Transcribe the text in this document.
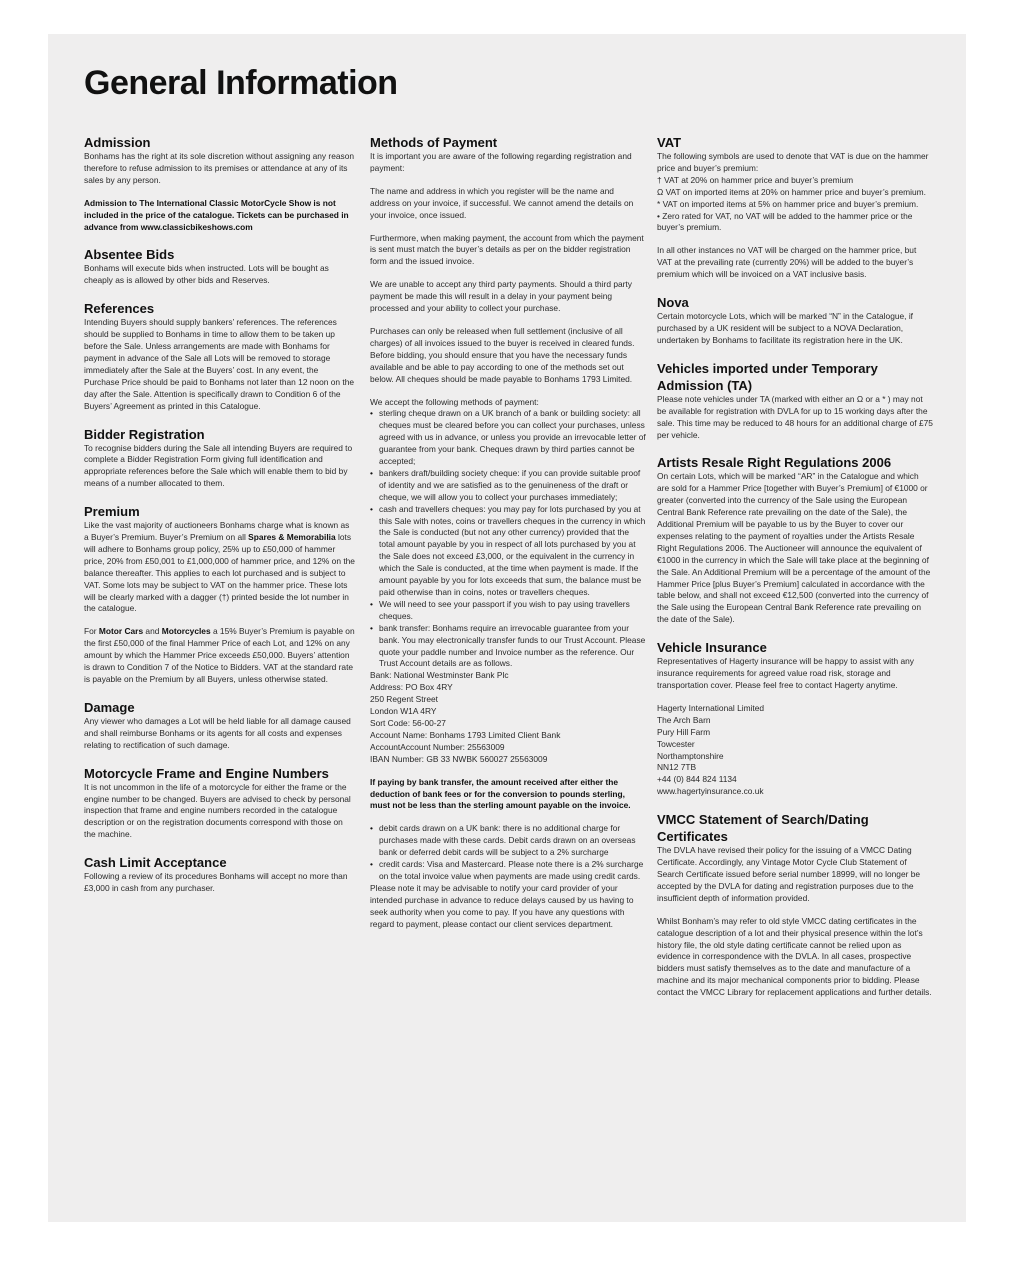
General Information
Admission

Bonhams has the right at its sole discretion without assigning any reason therefore to refuse admission to its premises or attendance at any of its sales by any person.

Admission to The International Classic MotorCycle Show is not included in the price of the catalogue. Tickets can be purchased in advance from www.classicbikeshows.com

Absentee Bids

Bonhams will execute bids when instructed. Lots will be bought as cheaply as is allowed by other bids and Reserves.

References

Intending Buyers should supply bankers’ references. The references should be supplied to Bonhams in time to allow them to be taken up before the Sale. Unless arrangements are made with Bonhams for payment in advance of the Sale all Lots will be removed to storage immediately after the Sale at the Buyers’ cost. In any event, the Purchase Price should be paid to Bonhams not later than 12 noon on the day after the Sale. Attention is specifically drawn to Condition 6 of the Buyers’ Agreement as printed in this Catalogue.

Bidder Registration

To recognise bidders during the Sale all intending Buyers are required to complete a Bidder Registration Form giving full identification and appropriate references before the Sale which will enable them to bid by means of a number allocated to them.

Premium

Like the vast majority of auctioneers Bonhams charge what is known as a Buyer’s Premium. Buyer’s Premium on all Spares & Memorabilia lots will adhere to Bonhams group policy, 25% up to £50,000 of hammer price, 20% from £50,001 to £1,000,000 of hammer price, and 12% on the balance thereafter. This applies to each lot purchased and is subject to VAT. Some lots may be subject to VAT on the hammer price. These lots will be clearly marked with a dagger (†) printed beside the lot number in the catalogue.

For Motor Cars and Motorcycles a 15% Buyer’s Premium is payable on the first £50,000 of the final Hammer Price of each Lot, and 12% on any amount by which the Hammer Price exceeds £50,000. Buyers’ attention is drawn to Condition 7 of the Notice to Bidders. VAT at the standard rate is payable on the Premium by all Buyers, unless otherwise stated.

Damage

Any viewer who damages a Lot will be held liable for all damage caused and shall reimburse Bonhams or its agents for all costs and expenses relating to rectification of such damage.

Motorcycle Frame and Engine Numbers

It is not uncommon in the life of a motorcycle for either the frame or the engine number to be changed. Buyers are advised to check by personal inspection that frame and engine numbers recorded in the catalogue description or on the registration documents correspond with those on the machine.

Cash Limit Acceptance

Following a review of its procedures Bonhams will accept no more than £3,000 in cash from any purchaser.

Methods of Payment

It is important you are aware of the following regarding registration and payment:

The name and address in which you register will be the name and address on your invoice, if successful. We cannot amend the details on your invoice, once issued.

Furthermore, when making payment, the account from which the payment is sent must match the buyer’s details as per on the bidder registration form and the issued invoice.

We are unable to accept any third party payments. Should a third party payment be made this will result in a delay in your payment being processed and your ability to collect your purchase.

Purchases can only be released when full settlement (inclusive of all charges) of all invoices issued to the buyer is received in cleared funds. Before bidding, you should ensure that you have the necessary funds available and be able to pay according to one of the methods set out below. All cheques should be made payable to Bonhams 1793 Limited.

We accept the following methods of payment:

• sterling cheque drawn on a UK branch of a bank or building society: all cheques must be cleared before you can collect your purchases, unless agreed with us in advance, or unless you provide an irrevocable letter of guarantee from your bank. Cheques drawn by third parties cannot be accepted;
• bankers draft/building society cheque: if you can provide suitable proof of identity and we are satisfied as to the genuineness of the draft or cheque, we will allow you to collect your purchases immediately;
• cash and travellers cheques: you may pay for lots purchased by you at this Sale with notes, coins or travellers cheques in the currency in which the Sale is conducted (but not any other currency) provided that the total amount payable by you in respect of all lots purchased by you at the Sale does not exceed £3,000, or the equivalent in the currency in which the Sale is conducted, at the time when payment is made. If the amount payable by you for lots exceeds that sum, the balance must be paid otherwise than in coins, notes or travellers cheques.
• We will need to see your passport if you wish to pay using travellers cheques.
• bank transfer: Bonhams require an irrevocable guarantee from your bank. You may electronically transfer funds to our Trust Account. Please quote your paddle number and Invoice number as the reference. Our Trust Account details are as follows.
Bank: National Westminster Bank Plc
Address: PO Box 4RY
250 Regent Street
London W1A 4RY
Sort Code: 56-00-27
Account Name: Bonhams 1793 Limited Client Bank
AccountAccount Number: 25563009
IBAN Number: GB 33 NWBK 560027 25563009

If paying by bank transfer, the amount received after either the deduction of bank fees or for the conversion to pounds sterling, must not be less than the sterling amount payable on the invoice.

• debit cards drawn on a UK bank: there is no additional charge for purchases made with these cards. Debit cards drawn on an overseas bank or deferred debit cards will be subject to a 2% surcharge
• credit cards: Visa and Mastercard. Please note there is a 2% surcharge on the total invoice value when payments are made using credit cards.

Please note it may be advisable to notify your card provider of your intended purchase in advance to reduce delays caused by us having to seek authority when you come to pay. If you have any questions with regard to payment, please contact our client services department.

VAT
The following symbols are used to denote that VAT is due on the hammer price and buyer’s premium:
† VAT at 20% on hammer price and buyer’s premium
Ω VAT on imported items at 20% on hammer price and buyer’s premium.
* VAT on imported items at 5% on hammer price and buyer’s premium.
• Zero rated for VAT, no VAT will be added to the hammer price or the buyer’s premium.

In all other instances no VAT will be charged on the hammer price, but VAT at the prevailing rate (currently 20%) will be added to the buyer’s premium which will be invoiced on a VAT inclusive basis.

Nova

Certain motorcycle Lots, which will be marked “N” in the Catalogue, if purchased by a UK resident will be subject to a NOVA Declaration, undertaken by Bonhams to facilitate its registration here in the UK.

Vehicles imported under Temporary Admission (TA)

Please note vehicles under TA (marked with either an Ω or a * ) may not be available for registration with DVLA for up to 15 working days after the sale. This time may be reduced to 48 hours for an additional charge of £75 per vehicle.

Artists Resale Right Regulations 2006

On certain Lots, which will be marked “AR” in the Catalogue and which are sold for a Hammer Price [together with Buyer’s Premium] of €1000 or greater (converted into the currency of the Sale using the European Central Bank Reference rate prevailing on the date of the Sale), the Additional Premium will be payable to us by the Buyer to cover our expenses relating to the payment of royalties under the Artists Resale Right Regulations 2006. The Auctioneer will announce the equivalent of €1000 in the currency in which the Sale will take place at the beginning of the Sale. An Additional Premium will be a percentage of the amount of the Hammer Price [plus Buyer’s Premium] calculated in accordance with the table below, and shall not exceed €12,500 (converted into the currency of the Sale using the European Central Bank Reference rate prevailing on the date of the Sale).

Vehicle Insurance

Representatives of Hagerty insurance will be happy to assist with any insurance requirements for agreed value road risk, storage and transportation cover. Please feel free to contact Hagerty anytime.

Hagerty International Limited
The Arch Barn
Pury Hill Farm
Towcester
Northamptonshire
NN12 7TB
+44 (0) 844 824 1134
www.hagertyinsurance.co.uk
VMCC Statement of Search/Dating Certificates

The DVLA have revised their policy for the issuing of a VMCC Dating Certificate. Accordingly, any Vintage Motor Cycle Club Statement of Search Certificate issued before serial number 18999, will no longer be accepted by the DVLA for dating and registration purposes due to the insufficient depth of information provided.

Whilst Bonham’s may refer to old style VMCC dating certificates in the catalogue description of a lot and their physical presence within the lot’s history file, the old style dating certificate cannot be relied upon as evidence in correspondence with the DVLA. In all cases, prospective bidders must satisfy themselves as to the date and manufacture of a machine and its major mechanical components prior to bidding. Please contact the VMCC Library for replacement applications and further details.
